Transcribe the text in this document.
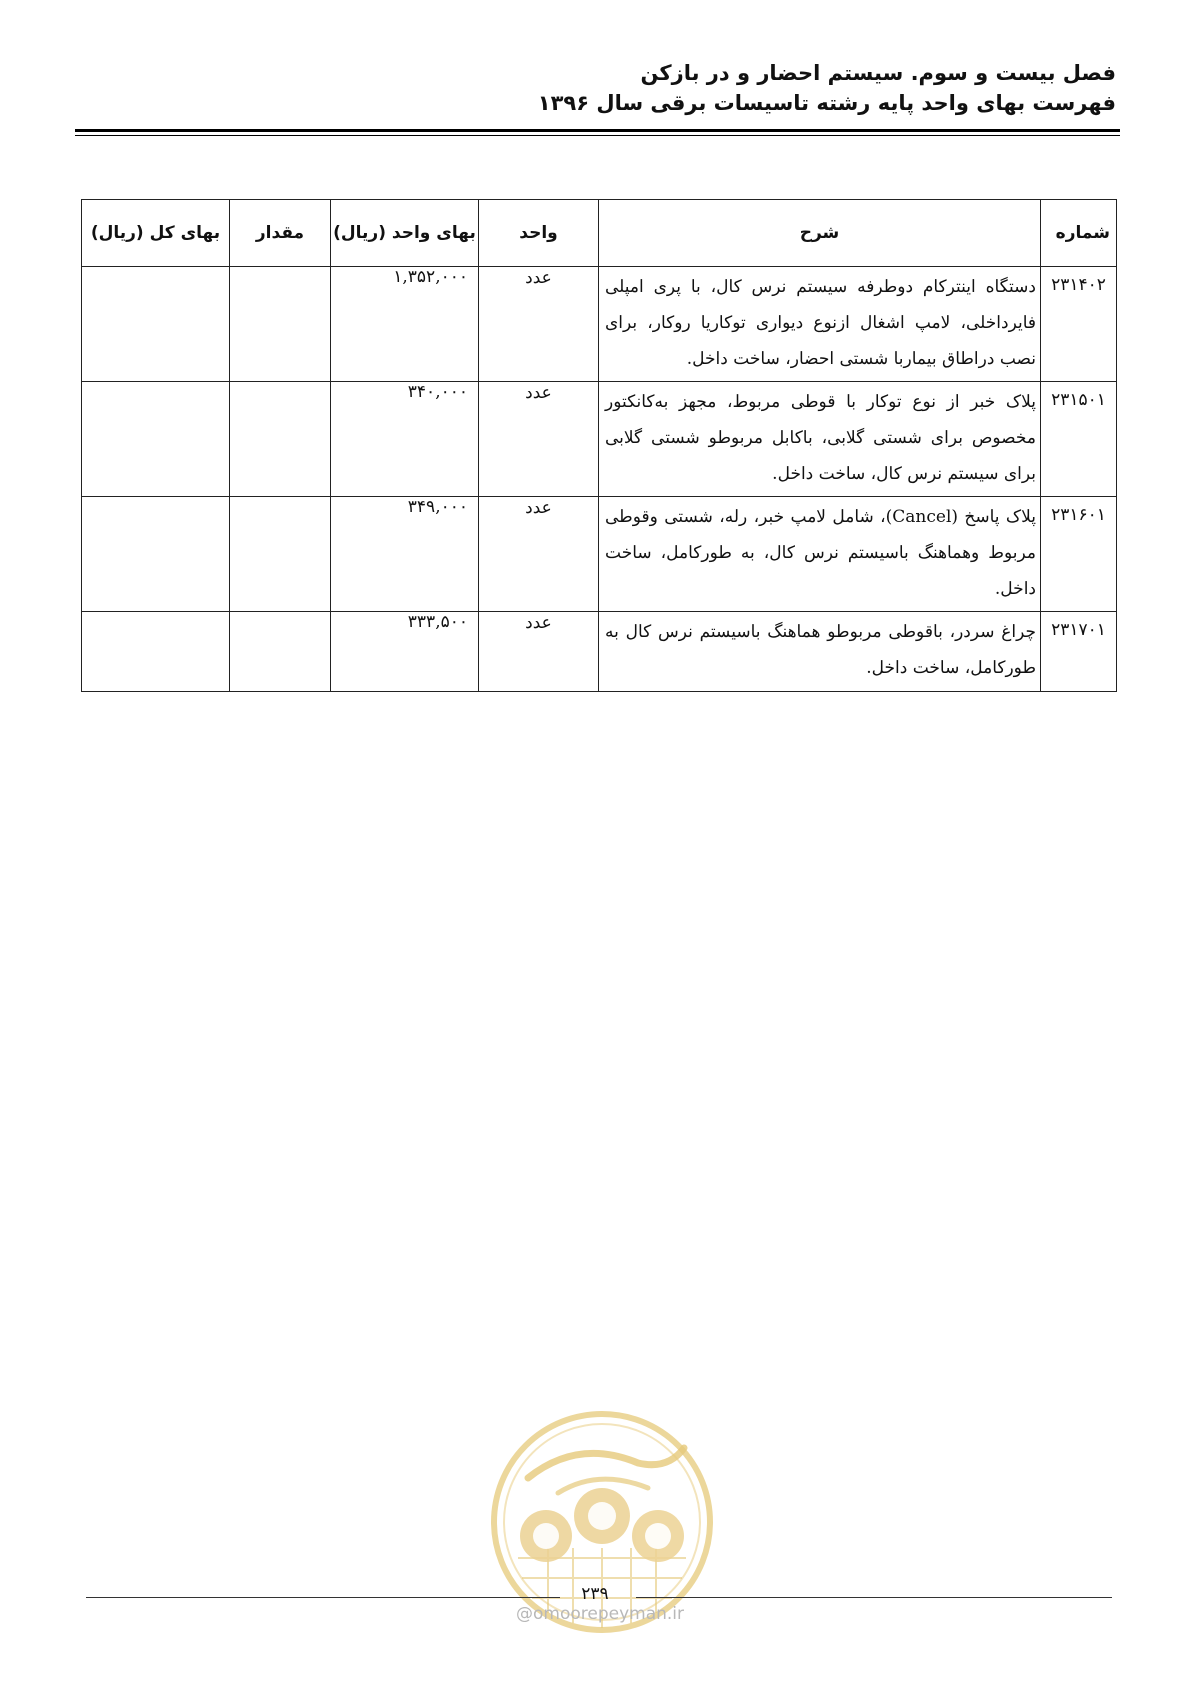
فصل بیست و سوم. سیستم احضار و در بازکن
فهرست بهای واحد پایه رشته تاسیسات برقی سال ۱۳۹۶
شماره	شرح	واحد	بهای واحد (ریال)	مقدار	بهای کل (ریال)
۲۳۱۴۰۲	دستگاه اینترکام دوطرفه سیستم نرس کال، با پری امپلی فایرداخلی، لامپ اشغال ازنوع دیواری توکاریا روکار، برای نصب دراطاق بیماربا شستی احضار، ساخت داخل.	عدد	۱,۳۵۲,۰۰۰		
۲۳۱۵۰۱	پلاک خبر از نوع توکار با قوطی مربوط، مجهز به‌کانکتور مخصوص برای شستی گلابی، باکابل مربوطو شستی گلابی برای سیستم نرس کال، ساخت داخل.	عدد	۳۴۰,۰۰۰		
۲۳۱۶۰۱	پلاک پاسخ (Cancel)، شامل لامپ خبر، رله، شستی وقوطی مربوط وهماهنگ باسیستم نرس کال، به طورکامل، ساخت داخل.	عدد	۳۴۹,۰۰۰		
۲۳۱۷۰۱	چراغ سردر، باقوطی مربوطو هماهنگ باسیستم نرس کال به طورکامل، ساخت داخل.	عدد	۳۳۳,۵۰۰		
۲۳۹
@omoorepeyman.ir
